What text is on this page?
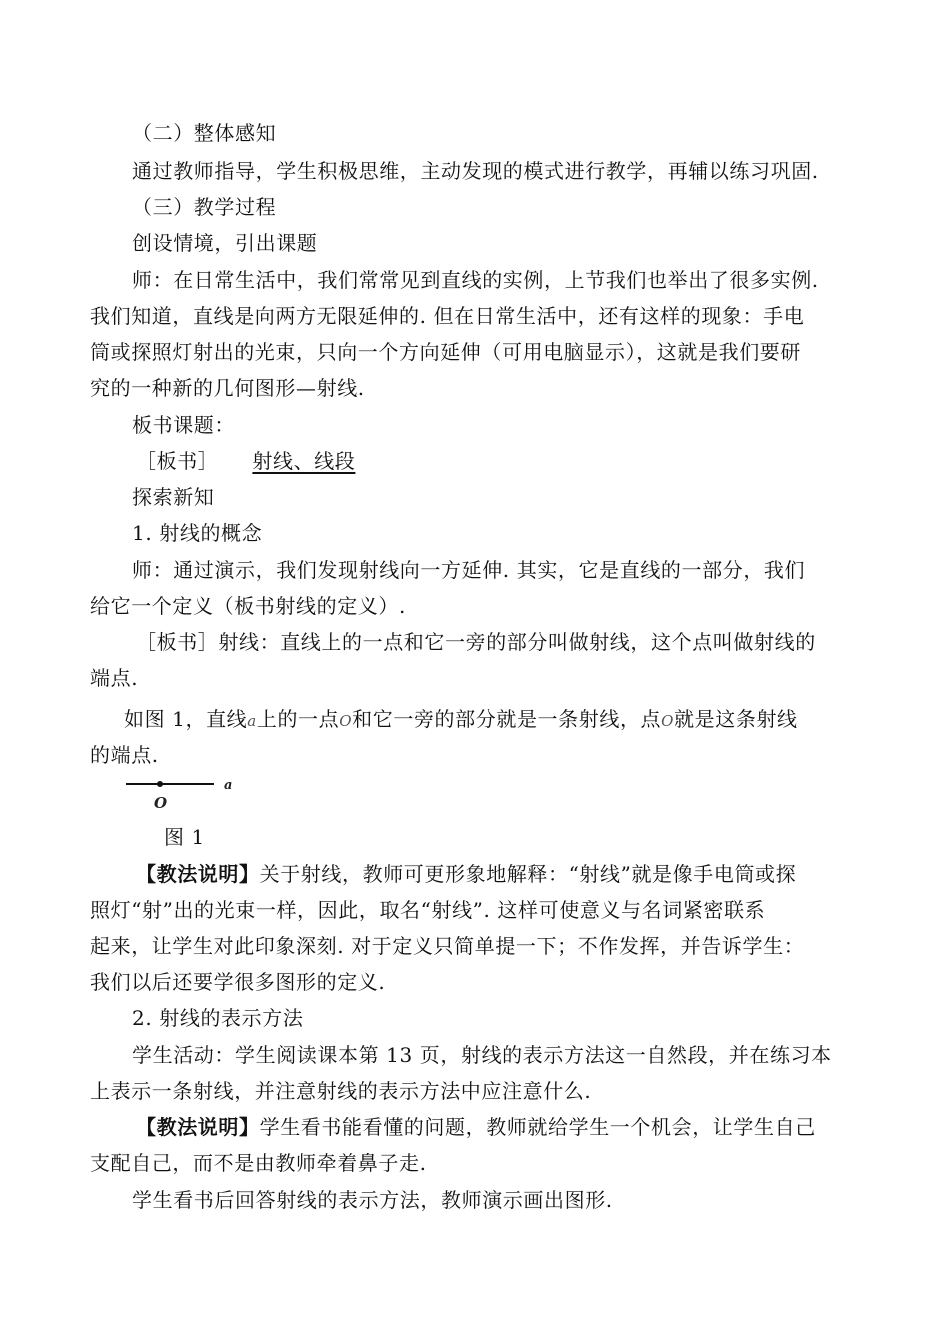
（二）整体感知
通过教师指导，学生积极思维，主动发现的模式进行教学，再辅以练习巩固.
（三）教学过程
创设情境，引出课题
师：在日常生活中，我们常常见到直线的实例，上节我们也举出了很多实例.
我们知道，直线是向两方无限延伸的. 但在日常生活中，还有这样的现象：手电
筒或探照灯射出的光束，只向一个方向延伸（可用电脑显示），这就是我们要研
究的一种新的几何图形—射线.
板书课题：
［板书］ 射线、线段
探索新知
1. 射线的概念
师：通过演示，我们发现射线向一方延伸. 其实，它是直线的一部分，我们
给它一个定义（板书射线的定义）.
［板书］射线：直线上的一点和它一旁的部分叫做射线，这个点叫做射线的
端点.
如图 1，直线a上的一点O和它一旁的部分就是一条射线，点O就是这条射线
的端点.
O
a
图 1
【教法说明】关于射线，教师可更形象地解释：“射线”就是像手电筒或探
照灯“射”出的光束一样，因此，取名“射线”. 这样可使意义与名词紧密联系
起来，让学生对此印象深刻. 对于定义只简单提一下；不作发挥，并告诉学生：
我们以后还要学很多图形的定义.
2. 射线的表示方法
学生活动：学生阅读课本第 13 页，射线的表示方法这一自然段，并在练习本
上表示一条射线，并注意射线的表示方法中应注意什么.
【教法说明】学生看书能看懂的问题，教师就给学生一个机会，让学生自己
支配自己，而不是由教师牵着鼻子走.
学生看书后回答射线的表示方法，教师演示画出图形.
